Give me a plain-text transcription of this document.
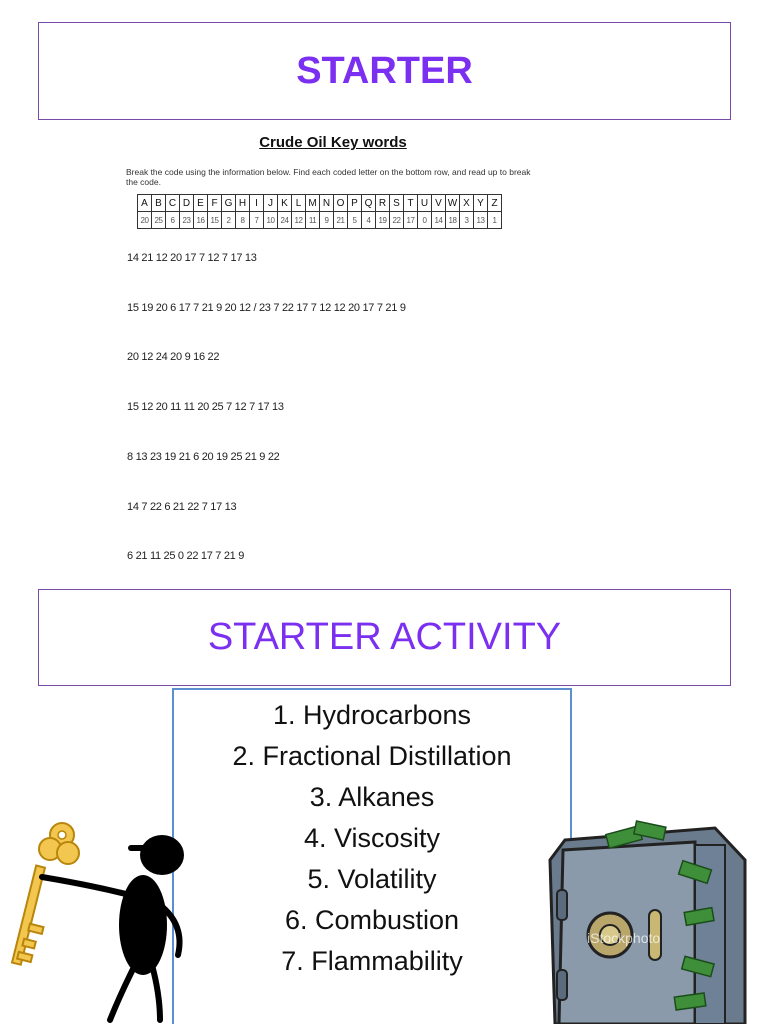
STARTER
Crude Oil Key words
Break the code using the information below. Find each coded letter on the bottom row, and read up to break the code.
A	B	C	D	E	F	G	H	I	J	K	L	M	N	O	P	Q	R	S	T	U	V	W	X	Y	Z
20	25	6	23	16	15	2	8	7	10	24	12	11	9	21	5	4	19	22	17	0	14	18	3	13	1
14 21 12 20 17 7 12 7 17 13
15 19 20 6 17 7 21 9 20 12 / 23 7 22 17 7 12 12 20 17 7 21 9
20 12 24 20 9 16 22
15 12 20 11 11 20 25 7 12 7 17 13
8 13 23 19 21 6 20 19 25 21 9 22
14 7 22 6 21 22 7 17 13
6 21 11 25 0 22 17 7 21 9
STARTER ACTIVITY
1. Hydrocarbons
2. Fractional Distillation
3. Alkanes
4. Viscosity
5. Volatility
6. Combustion
7. Flammability
iStockphoto
